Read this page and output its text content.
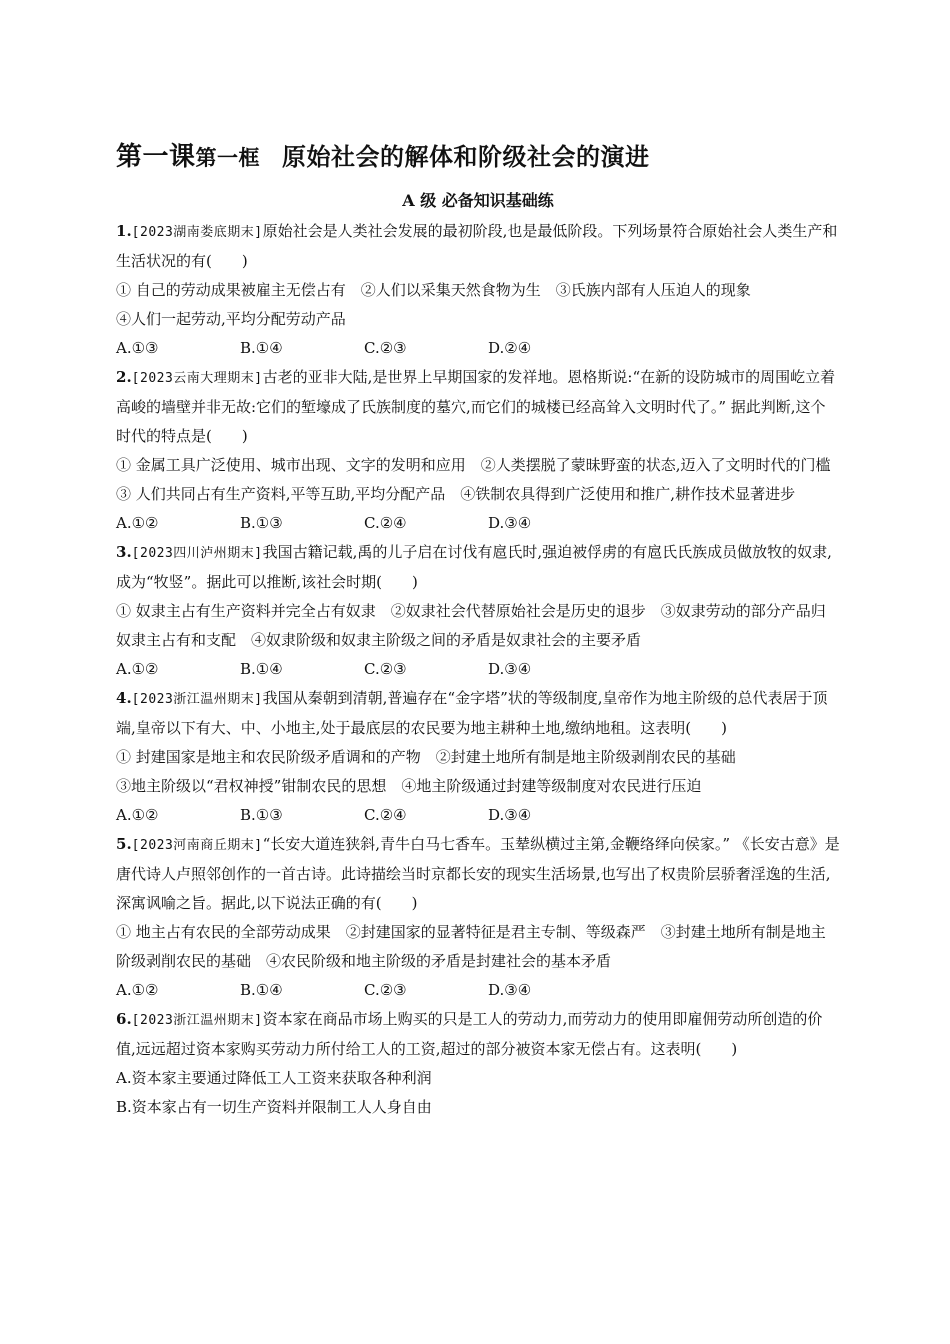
第一课第一框 原始社会的解体和阶级社会的演进
A 级 必备知识基础练

1.[2023湖南娄底期末]原始社会是人类社会发展的最初阶段,也是最低阶段。下列场景符合原始社会人类生产和生活状况的有(　　)

① 自己的劳动成果被雇主无偿占有　②人们以采集天然食物为生　③氏族内部有人压迫人的现象

④人们一起劳动,平均分配劳动产品

A.①③	B.①④	C.②③	D.②④

2.[2023云南大理期末]古老的亚非大陆,是世界上早期国家的发祥地。恩格斯说:“在新的设防城市的周围屹立着高峻的墙壁并非无故:它们的堑壕成了氏族制度的墓穴,而它们的城楼已经高耸入文明时代了。” 据此判断,这个时代的特点是(　　)

① 金属工具广泛使用、城市出现、文字的发明和应用　②人类摆脱了蒙昧野蛮的状态,迈入了文明时代的门槛

③ 人们共同占有生产资料,平等互助,平均分配产品　④铁制农具得到广泛使用和推广,耕作技术显著进步

A.①②	B.①③	C.②④	D.③④

3.[2023四川泸州期末]我国古籍记载,禹的儿子启在讨伐有扈氏时,强迫被俘虏的有扈氏氏族成员做放牧的奴隶,成为“牧竖”。据此可以推断,该社会时期(　　)

① 奴隶主占有生产资料并完全占有奴隶　②奴隶社会代替原始社会是历史的退步　③奴隶劳动的部分产品归奴隶主占有和支配　④奴隶阶级和奴隶主阶级之间的矛盾是奴隶社会的主要矛盾

A.①②	B.①④	C.②③	D.③④

4.[2023浙江温州期末]我国从秦朝到清朝,普遍存在“金字塔”状的等级制度,皇帝作为地主阶级的总代表居于顶端,皇帝以下有大、中、小地主,处于最底层的农民要为地主耕种土地,缴纳地租。这表明(　　)

① 封建国家是地主和农民阶级矛盾调和的产物　②封建土地所有制是地主阶级剥削农民的基础

③地主阶级以“君权神授”钳制农民的思想　④地主阶级通过封建等级制度对农民进行压迫

A.①②	B.①③	C.②④	D.③④

5.[2023河南商丘期末]“长安大道连狭斜,青牛白马七香车。玉辇纵横过主第,金鞭络绎向侯家。” 《长安古意》是唐代诗人卢照邻创作的一首古诗。此诗描绘当时京都长安的现实生活场景,也写出了权贵阶层骄奢淫逸的生活,深寓讽喻之旨。据此,以下说法正确的有(　　)

① 地主占有农民的全部劳动成果　②封建国家的显著特征是君主专制、等级森严　③封建土地所有制是地主阶级剥削农民的基础　④农民阶级和地主阶级的矛盾是封建社会的基本矛盾

A.①②	B.①④	C.②③	D.③④

6.[2023浙江温州期末]资本家在商品市场上购买的只是工人的劳动力,而劳动力的使用即雇佣劳动所创造的价值,远远超过资本家购买劳动力所付给工人的工资,超过的部分被资本家无偿占有。这表明(　　)

A.资本家主要通过降低工人工资来获取各种利润

B.资本家占有一切生产资料并限制工人人身自由
